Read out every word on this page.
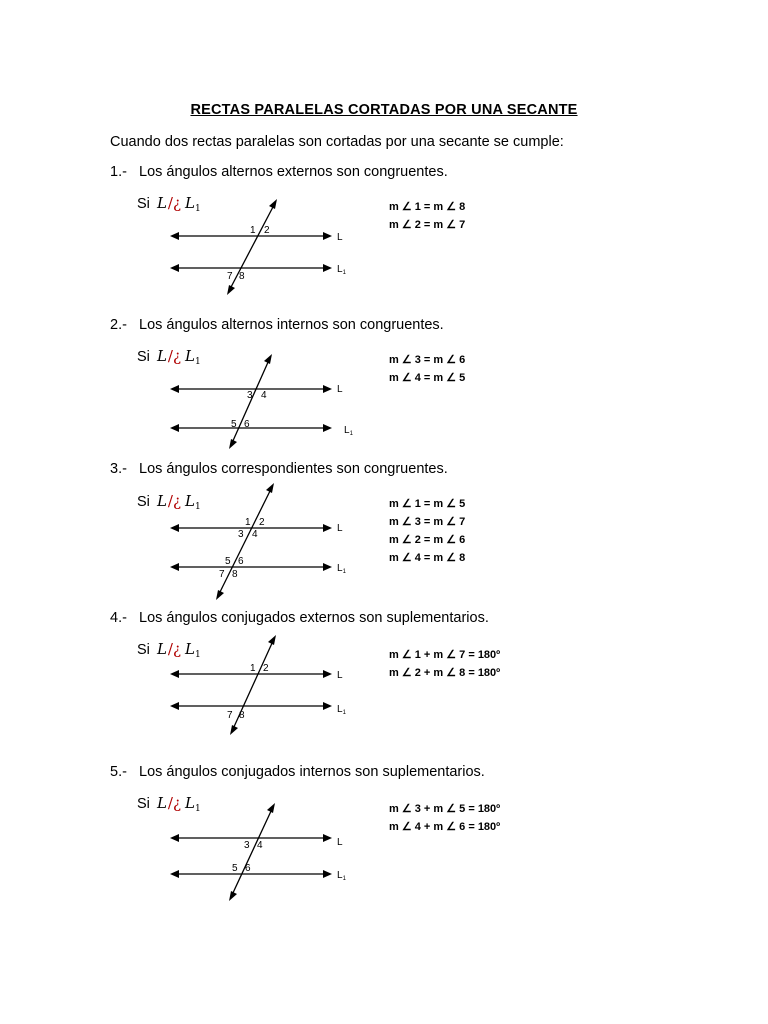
RECTAS PARALELAS CORTADAS POR UNA SECANTE
Cuando dos rectas paralelas son cortadas por una secante se cumple:
1.- Los ángulos alternos externos son congruentes.
Si L/¿ $L_1$	m ∠ 1 = m ∠ 8
m ∠ 2 = m ∠ 7
1 2
7 8
L
$L_1$
2.- Los ángulos alternos internos son congruentes.
Si L/¿ $L_1$	m ∠ 3 = m ∠ 6
m ∠ 4 = m ∠ 5
3 4
5 6
L
$L_1$
3.- Los ángulos correspondientes son congruentes.
Si L/¿ $L_1$	m ∠ 1 = m ∠ 5
m ∠ 3 = m ∠ 7
m ∠ 2 = m ∠ 6
m ∠ 4 = m ∠ 8
1 2
3 4
5 6
7 8
L
$L_1$
4.- Los ángulos conjugados externos son suplementarios.
Si L/¿ $L_1$	m ∠ 1 + m ∠ 7 = 180º
m ∠ 2 + m ∠ 8 = 180º
1 2
7 8
L
$L_1$
5.- Los ángulos conjugados internos son suplementarios.
Si L/¿ $L_1$	m ∠ 3 + m ∠ 5 = 180º
m ∠ 4 + m ∠ 6 = 180º
3 4
5 6
L
$L_1$
